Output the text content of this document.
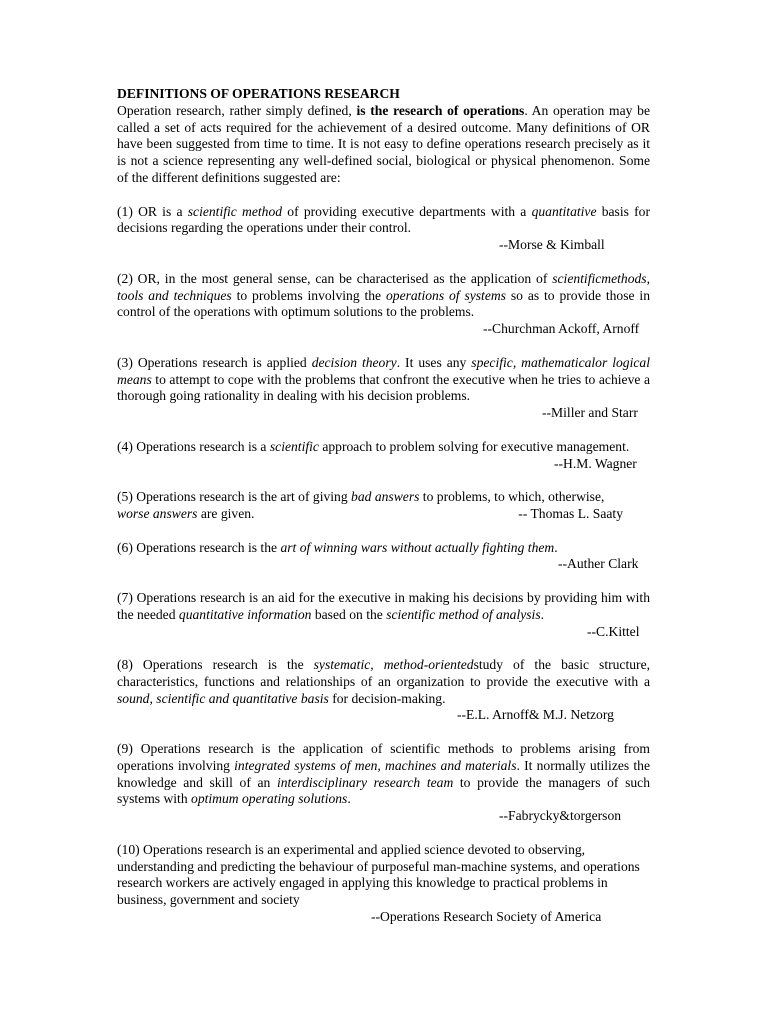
DEFINITIONS OF OPERATIONS RESEARCH

Operation research, rather simply defined, is the research of operations. An operation may be called a set of acts required for the achievement of a desired outcome. Many definitions of OR have been suggested from time to time. It is not easy to define operations research precisely as it is not a science representing any well-defined social, biological or physical phenomenon. Some of the different definitions suggested are:

(1) OR is a scientific method of providing executive departments with a quantitative basis for decisions regarding the operations under their control.

--Morse & Kimball

(2) OR, in the most general sense, can be characterised as the application of scientificmethods, tools and techniques to problems involving the operations of systems so as to provide those in control of the operations with optimum solutions to the problems.

--Churchman Ackoff, Arnoff

(3) Operations research is applied decision theory. It uses any specific, mathematicalor logical means to attempt to cope with the problems that confront the executive when he tries to achieve a thorough going rationality in dealing with his decision problems.

--Miller and Starr

(4) Operations research is a scientific approach to problem solving for executive management.

--H.M. Wagner

(5) Operations research is the art of giving bad answers to problems, to which, otherwise,

-- Thomas L. Saaty
worse answers are given.

(6) Operations research is the art of winning wars without actually fighting them.

--Auther Clark

(7) Operations research is an aid for the executive in making his decisions by providing him with the needed quantitative information based on the scientific method of analysis.

--C.Kittel

(8) Operations research is the systematic, method-orientedstudy of the basic structure, characteristics, functions and relationships of an organization to provide the executive with a sound, scientific and quantitative basis for decision-making.

--E.L. Arnoff& M.J. Netzorg

(9) Operations research is the application of scientific methods to problems arising from operations involving integrated systems of men, machines and materials. It normally utilizes the knowledge and skill of an interdisciplinary research team to provide the managers of such systems with optimum operating solutions.

--Fabrycky&torgerson

(10) Operations research is an experimental and applied science devoted to observing, understanding and predicting the behaviour of purposeful man-machine systems, and operations research workers are actively engaged in applying this knowledge to practical problems in business, government and society

--Operations Research Society of America
